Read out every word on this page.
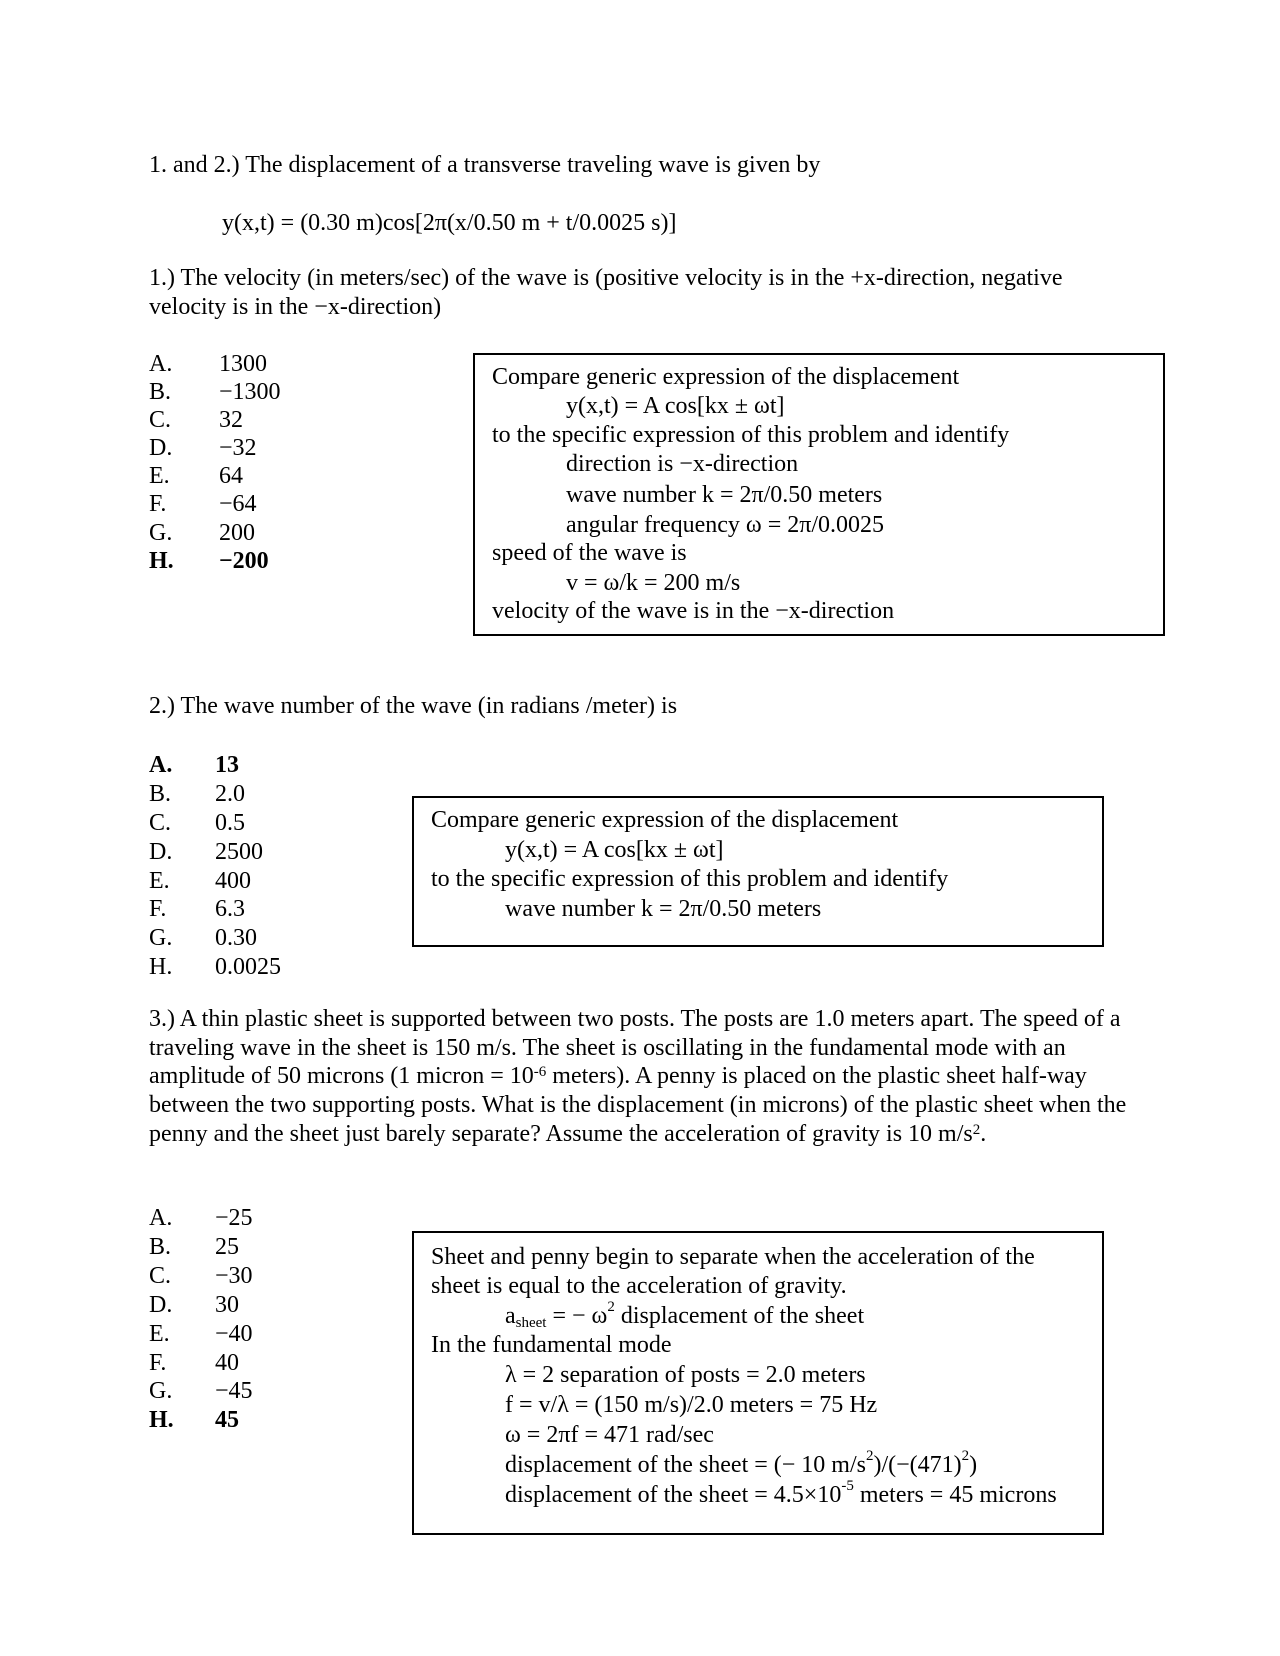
1. and 2.) The displacement of a transverse traveling wave is given by
y(x,t) = (0.30 m)cos[2π(x/0.50 m + t/0.0025 s)]
1.) The velocity (in meters/sec) of the wave is (positive velocity is in the +x-direction, negative velocity is in the −x-direction)
A.	1300
B.	−1300
C.	32
D.	−32
E.	64
F.	−64
G.	200
H.	−200
Compare generic expression of the displacement
y(x,t) = A cos[kx ± ωt]
to the specific expression of this problem and identify
direction is −x-direction
wave number k = 2π/0.50 meters
angular frequency ω = 2π/0.0025
speed of the wave is
v = ω/k = 200 m/s
velocity of the wave is in the −x-direction
2.) The wave number of the wave (in radians /meter) is
A.	13
B.	2.0
C.	0.5
D.	2500
E.	400
F.	6.3
G.	0.30
H.	0.0025
Compare generic expression of the displacement
y(x,t) = A cos[kx ± ωt]
to the specific expression of this problem and identify
wave number k = 2π/0.50 meters
3.) A thin plastic sheet is supported between two posts. The posts are 1.0 meters apart. The speed of a traveling wave in the sheet is 150 m/s. The sheet is oscillating in the fundamental mode with an amplitude of 50 microns (1 micron = $10^{-6}$ meters). A penny is placed on the plastic sheet half-way between the two supporting posts. What is the displacement (in microns) of the plastic sheet when the penny and the sheet just barely separate? Assume the acceleration of gravity is 10 $m/s^2$.
A.	−25
B.	25
C.	−30
D.	30
E.	−40
F.	40
G.	−45
H.	45
Sheet and penny begin to separate when the acceleration of the
sheet is equal to the acceleration of gravity.
$a_{sheet}$ = − $\omega^2$ displacement of the sheet
In the fundamental mode
λ = 2 separation of posts = 2.0 meters
f = v/λ = (150 m/s)/2.0 meters = 75 Hz
ω = 2πf = 471 rad/sec
displacement of the sheet = (− 10 $m/s^2)/(-(471)^2)$
displacement of the sheet = $4.5\times 10^{-5}$ meters = 45 microns
